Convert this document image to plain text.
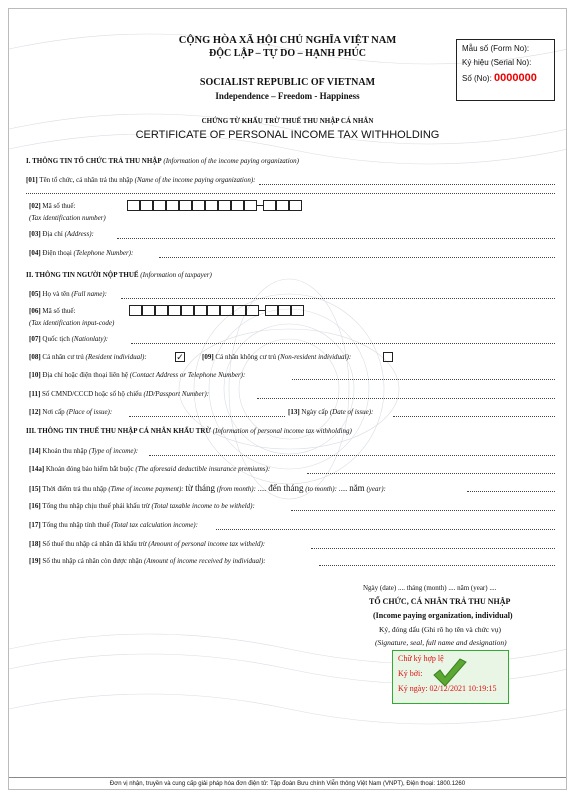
CỘNG HÒA XÃ HỘI CHỦ NGHĨA VIỆT NAM
ĐỘC LẬP – TỰ DO – HẠNH PHÚC
SOCIALIST REPUBLIC OF VIETNAM
Independence – Freedom - Happiness
CHỨNG TỪ KHẤU TRỪ THUẾ THU NHẬP CÁ NHÂN
CERTIFICATE OF PERSONAL INCOME TAX WITHHOLDING
Mẫu số (Form No):
Ký hiệu (Serial No):
Số (No): 0000000
I. THÔNG TIN TỔ CHỨC TRẢ THU NHẬP (Information of the income paying organization)
[01] Tên tổ chức, cá nhân trả thu nhập (Name of the income paying organization):
[02] Mã số thuế:
(Tax identification number)
[03] Địa chỉ (Address):
[04] Điện thoại (Telephone Number):
II. THÔNG TIN NGƯỜI NỘP THUẾ (Information of taxpayer)
[05] Họ và tên (Full name):
[06] Mã số thuế:
(Tax identification input-code)
[07] Quốc tịch (Nationlaty):
[08] Cá nhân cư trú (Resident individual):	✓	[09] Cá nhân không cư trú (Non-resident individual):
[10] Địa chỉ hoặc điện thoại liên hệ (Contact Address or Telephone Number):
[11] Số CMND/CCCD hoặc số hộ chiếu (ID/Passport Number):
[12] Nơi cấp (Place of issue):	[13] Ngày cấp (Date of issue):
III. THÔNG TIN THUẾ THU NHẬP CÁ NHÂN KHẤU TRỪ (Information of personal income tax withholding)
[14] Khoản thu nhập (Type of income):
[14a] Khoản đóng bảo hiểm bắt buộc (The aforesaid deductible insurance premiums):
[15] Thời điểm trả thu nhập (Time of income payment): từ tháng (from month): ..... đến tháng (to month): ..... năm (year):
[16] Tổng thu nhập chịu thuế phải khấu trừ (Total taxable income to be witheld):
[17] Tổng thu nhập tính thuế (Total tax calculation income):
[18] Số thuế thu nhập cá nhân đã khấu trừ (Amount of personal income tax witheld):
[19] Số thu nhập cá nhân còn được nhận (Amount of income received by individual):
Ngày (date) .... tháng (month) .... năm (year) ....
TỔ CHỨC, CÁ NHÂN TRẢ THU NHẬP
(Income paying organization, individual)
Ký, đóng dấu (Ghi rõ họ tên và chức vụ)
(Signature, seal, full name and designation)
Chữ ký hợp lệ
Ký bởi:
Ký ngày: 02/12/2021 10:19:15
Đơn vị nhận, truyền và cung cấp giải pháp hóa đơn điện tử: Tập đoàn Bưu chính Viễn thông Việt Nam (VNPT), Điện thoại: 1800.1260
